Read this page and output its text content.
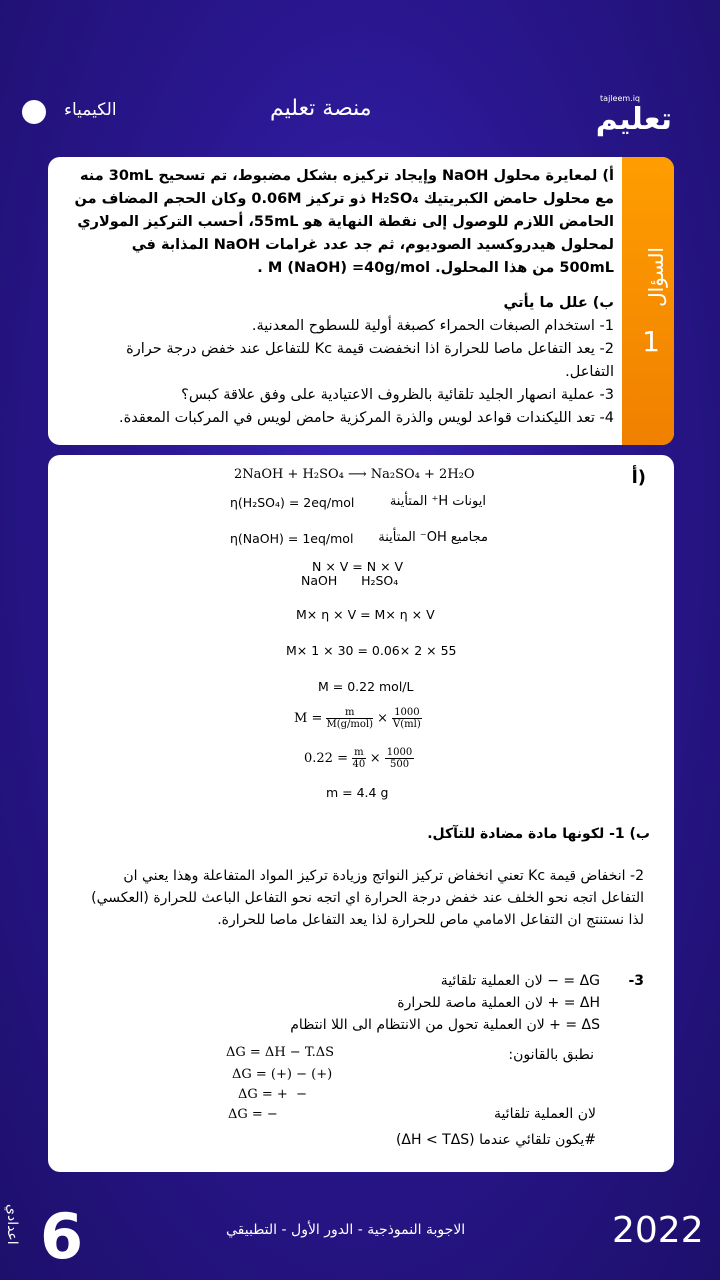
الكيمياء	منصة تعليم	tajleem.iq
تعليم
السؤال
1

أ) لمعايرة محلول NaOH وإيجاد تركيزه بشكل مضبوط، تم تسحيح 30mL منه مع محلول حامض الكبريتيك H₂SO₄ ذو تركيز 0.06M وكان الحجم المضاف من الحامض اللازم للوصول إلى نقطة النهاية هو 55mL، أحسب التركيز المولاري لمحلول هيدروكسيد الصوديوم، ثم جد عدد غرامات NaOH المذابة في 500mL من هذا المحلول. M (NaOH) =40g/mol .

ب) علل ما يأتي

1- استخدام الصبغات الحمراء كصبغة أولية للسطوح المعدنية.

2- يعد التفاعل ماصا للحرارة اذا انخفضت قيمة Kc للتفاعل عند خفض درجة حرارة التفاعل.

3- عملية انصهار الجليد تلقائية بالظروف الاعتيادية على وفق علاقة كبس؟

4- تعد الليكندات قواعد لويس والذرة المركزية حامض لويس في المركبات المعقدة.

أ)
2NaOH + H₂SO₄ ⟶ Na₂SO₄ + 2H₂O
η(H₂SO₄) = 2eq/mol	ايونات H⁺ المتأينة
η(NaOH) = 1eq/mol مجاميع OH⁻ المتأينة
N × V = N × V
NaOH      H₂SO₄
M× η × V = M× η × V
M× 1 × 30 = 0.06× 2 × 55
M = 0.22 mol/L
$M = \frac{m}{\text{M(g/mol)}} \times \frac{1000}{V(ml)}$
$0.22 = \frac{m}{40} \times \frac{1000}{500}$
m = 4.4 g
ب) 1- لكونها مادة مضادة للتآكل.
2- انخفاض قيمة Kc تعني انخفاض تركيز النواتج وزيادة تركيز المواد المتفاعلة وهذا يعني ان التفاعل اتجه نحو الخلف عند خفض درجة الحرارة اي اتجه نحو التفاعل الباعث للحرارة (العكسي) لذا نستنتج ان التفاعل الامامي ماص للحرارة لذا يعد التفاعل ماصا للحرارة.
3-
ΔG = − لان العملية تلقائية
ΔH = + لان العملية ماصة للحرارة
ΔS = + لان العملية تحول من الانتظام الى اللا انتظام
نطبق بالقانون:
ΔG = ΔH − T.ΔS
ΔG = (+) − (+)
ΔG = +  −
ΔG = −	لان العملية تلقائية
#يكون تلقائي عندما (ΔH < TΔS)
2022
الاجوبة النموذجية - الدور الأول - التطبيقي
اعدادي 6
